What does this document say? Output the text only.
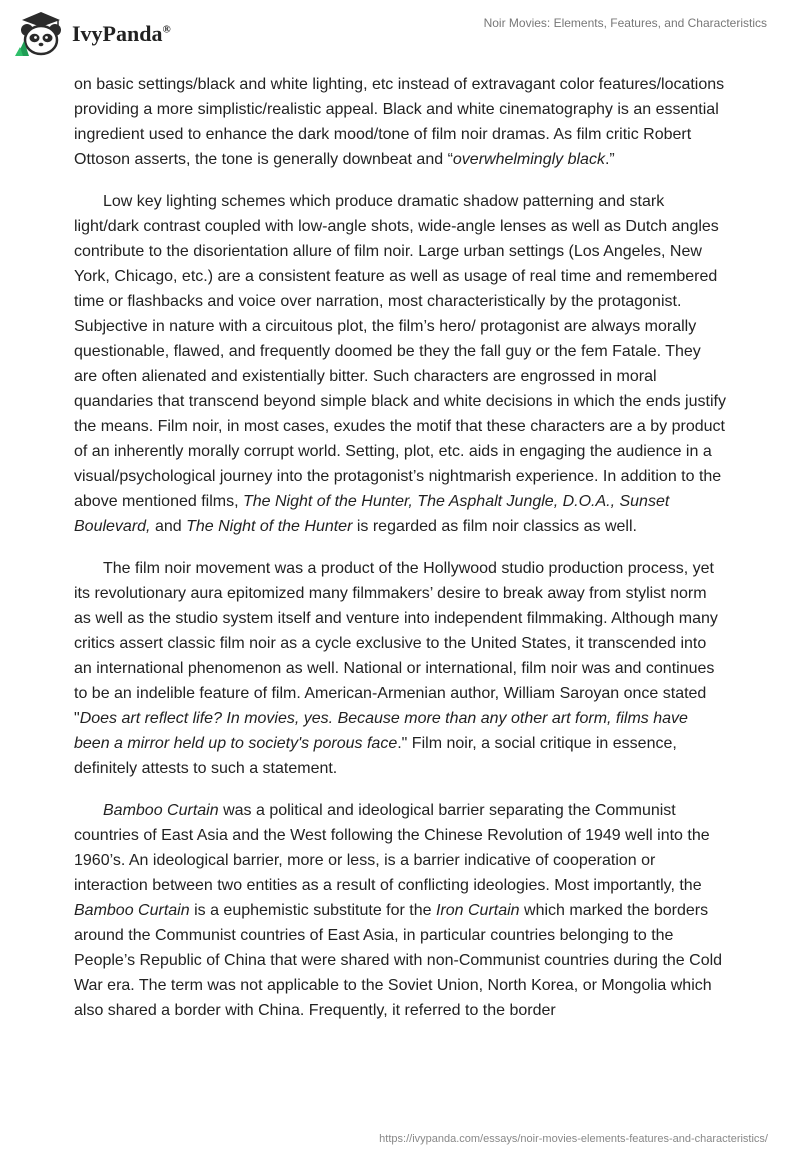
IvyPanda®	Noir Movies: Elements, Features, and Characteristics

on basic settings/black and white lighting, etc instead of extravagant color features/locations providing a more simplistic/realistic appeal. Black and white cinematography is an essential ingredient used to enhance the dark mood/tone of film noir dramas. As film critic Robert Ottoson asserts, the tone is generally downbeat and “overwhelmingly black.”

Low key lighting schemes which produce dramatic shadow patterning and stark light/dark contrast coupled with low-angle shots, wide-angle lenses as well as Dutch angles contribute to the disorientation allure of film noir. Large urban settings (Los Angeles, New York, Chicago, etc.) are a consistent feature as well as usage of real time and remembered time or flashbacks and voice over narration, most characteristically by the protagonist. Subjective in nature with a circuitous plot, the film’s hero/ protagonist are always morally questionable, flawed, and frequently doomed be they the fall guy or the fem Fatale. They are often alienated and existentially bitter. Such characters are engrossed in moral quandaries that transcend beyond simple black and white decisions in which the ends justify the means. Film noir, in most cases, exudes the motif that these characters are a by product of an inherently morally corrupt world. Setting, plot, etc. aids in engaging the audience in a visual/psychological journey into the protagonist’s nightmarish experience. In addition to the above mentioned films, The Night of the Hunter, The Asphalt Jungle, D.O.A., Sunset Boulevard, and The Night of the Hunter is regarded as film noir classics as well.

The film noir movement was a product of the Hollywood studio production process, yet its revolutionary aura epitomized many filmmakers’ desire to break away from stylist norm as well as the studio system itself and venture into independent filmmaking. Although many critics assert classic film noir as a cycle exclusive to the United States, it transcended into an international phenomenon as well. National or international, film noir was and continues to be an indelible feature of film. American-Armenian author, William Saroyan once stated "Does art reflect life? In movies, yes. Because more than any other art form, films have been a mirror held up to society's porous face." Film noir, a social critique in essence, definitely attests to such a statement.

Bamboo Curtain was a political and ideological barrier separating the Communist countries of East Asia and the West following the Chinese Revolution of 1949 well into the 1960’s. An ideological barrier, more or less, is a barrier indicative of cooperation or interaction between two entities as a result of conflicting ideologies. Most importantly, the Bamboo Curtain is a euphemistic substitute for the Iron Curtain which marked the borders around the Communist countries of East Asia, in particular countries belonging to the People’s Republic of China that were shared with non-Communist countries during the Cold War era. The term was not applicable to the Soviet Union, North Korea, or Mongolia which also shared a border with China. Frequently, it referred to the border

https://ivypanda.com/essays/noir-movies-elements-features-and-characteristics/
